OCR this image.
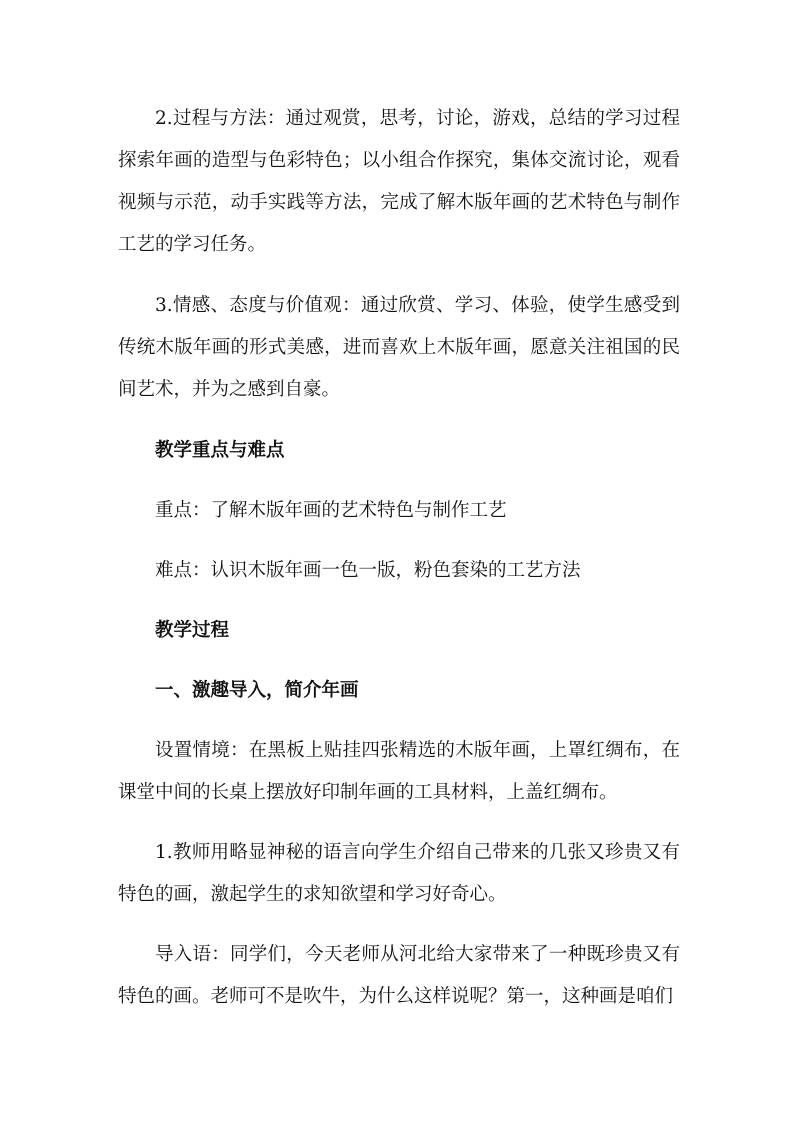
2.过程与方法：通过观赏，思考，讨论，游戏，总结的学习过程探索年画的造型与色彩特色；以小组合作探究，集体交流讨论，观看视频与示范，动手实践等方法，完成了解木版年画的艺术特色与制作工艺的学习任务。

3.情感、态度与价值观：通过欣赏、学习、体验，使学生感受到传统木版年画的形式美感，进而喜欢上木版年画，愿意关注祖国的民间艺术，并为之感到自豪。

教学重点与难点

重点：了解木版年画的艺术特色与制作工艺

难点：认识木版年画一色一版，粉色套染的工艺方法

教学过程

一、激趣导入，简介年画

设置情境：在黑板上贴挂四张精选的木版年画，上罩红绸布，在课堂中间的长桌上摆放好印制年画的工具材料，上盖红绸布。

1.教师用略显神秘的语言向学生介绍自己带来的几张又珍贵又有特色的画，激起学生的求知欲望和学习好奇心。

导入语：同学们，今天老师从河北给大家带来了一种既珍贵又有特色的画。老师可不是吹牛，为什么这样说呢？第一，这种画是咱们
